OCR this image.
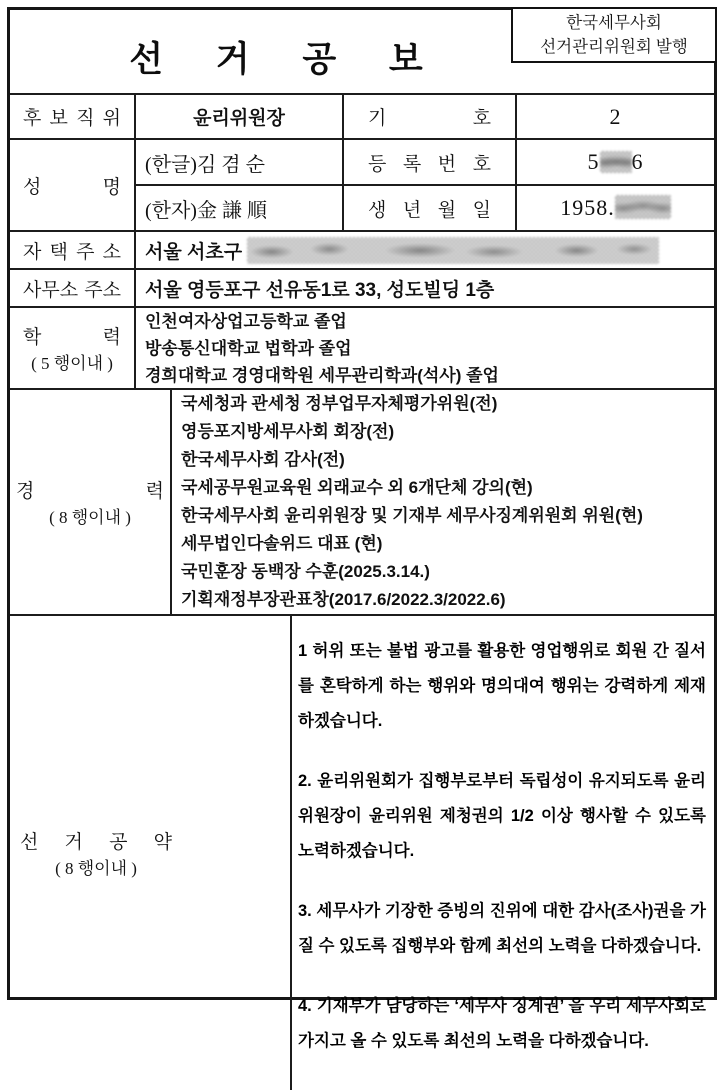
선 거 공 보
한국세무사회
선거관리위원회 발행
후 보 직 위	윤리위원장	기 호	2
성 명
(한글)김 겸 순	등 록 번 호	5 6
(한자)金 謙 順	생 년 월 일	1958.
자 택 주 소 서울 서초구
사무소 주소	서울 영등포구 선유동1로 33, 성도빌딩 1층
학 력
( 5 행이내 )
인천여자상업고등학교 졸업
방송통신대학교 법학과 졸업
경희대학교 경영대학원 세무관리학과(석사) 졸업
경 력
( 8 행이내 )
국세청과 관세청 정부업무자체평가위원(전)
영등포지방세무사회 회장(전)
한국세무사회 감사(전)
국세공무원교육원 외래교수 외 6개단체 강의(현)
한국세무사회 윤리위원장 및 기재부 세무사징계위원회 위원(현)
세무법인다솔위드 대표 (현)
국민훈장 동백장 수훈(2025.3.14.)
기획재정부장관표창(2017.6/2022.3/2022.6)
선 거 공 약
( 8 행이내 )

1 허위 또는 불법 광고를 활용한 영업행위로 회원 간 질서를 혼탁하게 하는 행위와 명의대여 행위는 강력하게 제재하겠습니다.

2. 윤리위원회가 집행부로부터 독립성이 유지되도록 윤리위원장이 윤리위원 제청권의 1/2 이상 행사할 수 있도록 노력하겠습니다.

3. 세무사가 기장한 증빙의 진위에 대한 감사(조사)권을 가질 수 있도록 집행부와 함께 최선의 노력을 다하겠습니다.

4. 기재부가 담당하는 ‘세무사 징계권’ 을 우리 세무사회로 가지고 올 수 있도록 최선의 노력을 다하겠습니다.
